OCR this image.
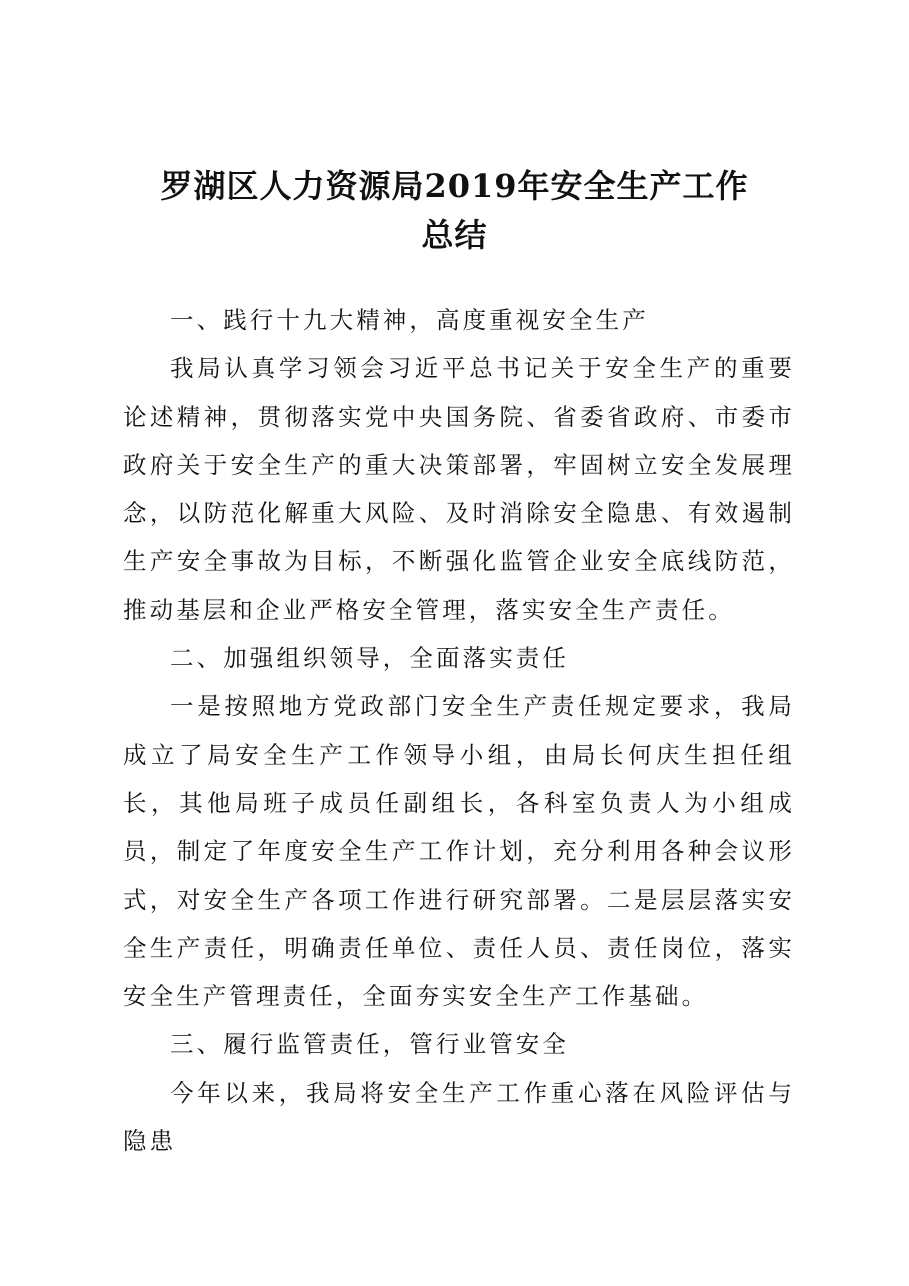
罗湖区人力资源局2019年安全生产工作
总结

一、践行十九大精神，高度重视安全生产

我局认真学习领会习近平总书记关于安全生产的重要论述精神，贯彻落实党中央国务院、省委省政府、市委市政府关于安全生产的重大决策部署，牢固树立安全发展理念，以防范化解重大风险、及时消除安全隐患、有效遏制生产安全事故为目标，不断强化监管企业安全底线防范，推动基层和企业严格安全管理，落实安全生产责任。

二、加强组织领导，全面落实责任

一是按照地方党政部门安全生产责任规定要求，我局成立了局安全生产工作领导小组，由局长何庆生担任组长，其他局班子成员任副组长，各科室负责人为小组成员，制定了年度安全生产工作计划，充分利用各种会议形式，对安全生产各项工作进行研究部署。二是层层落实安全生产责任，明确责任单位、责任人员、责任岗位，落实安全生产管理责任，全面夯实安全生产工作基础。

三、履行监管责任，管行业管安全

今年以来，我局将安全生产工作重心落在风险评估与隐患
